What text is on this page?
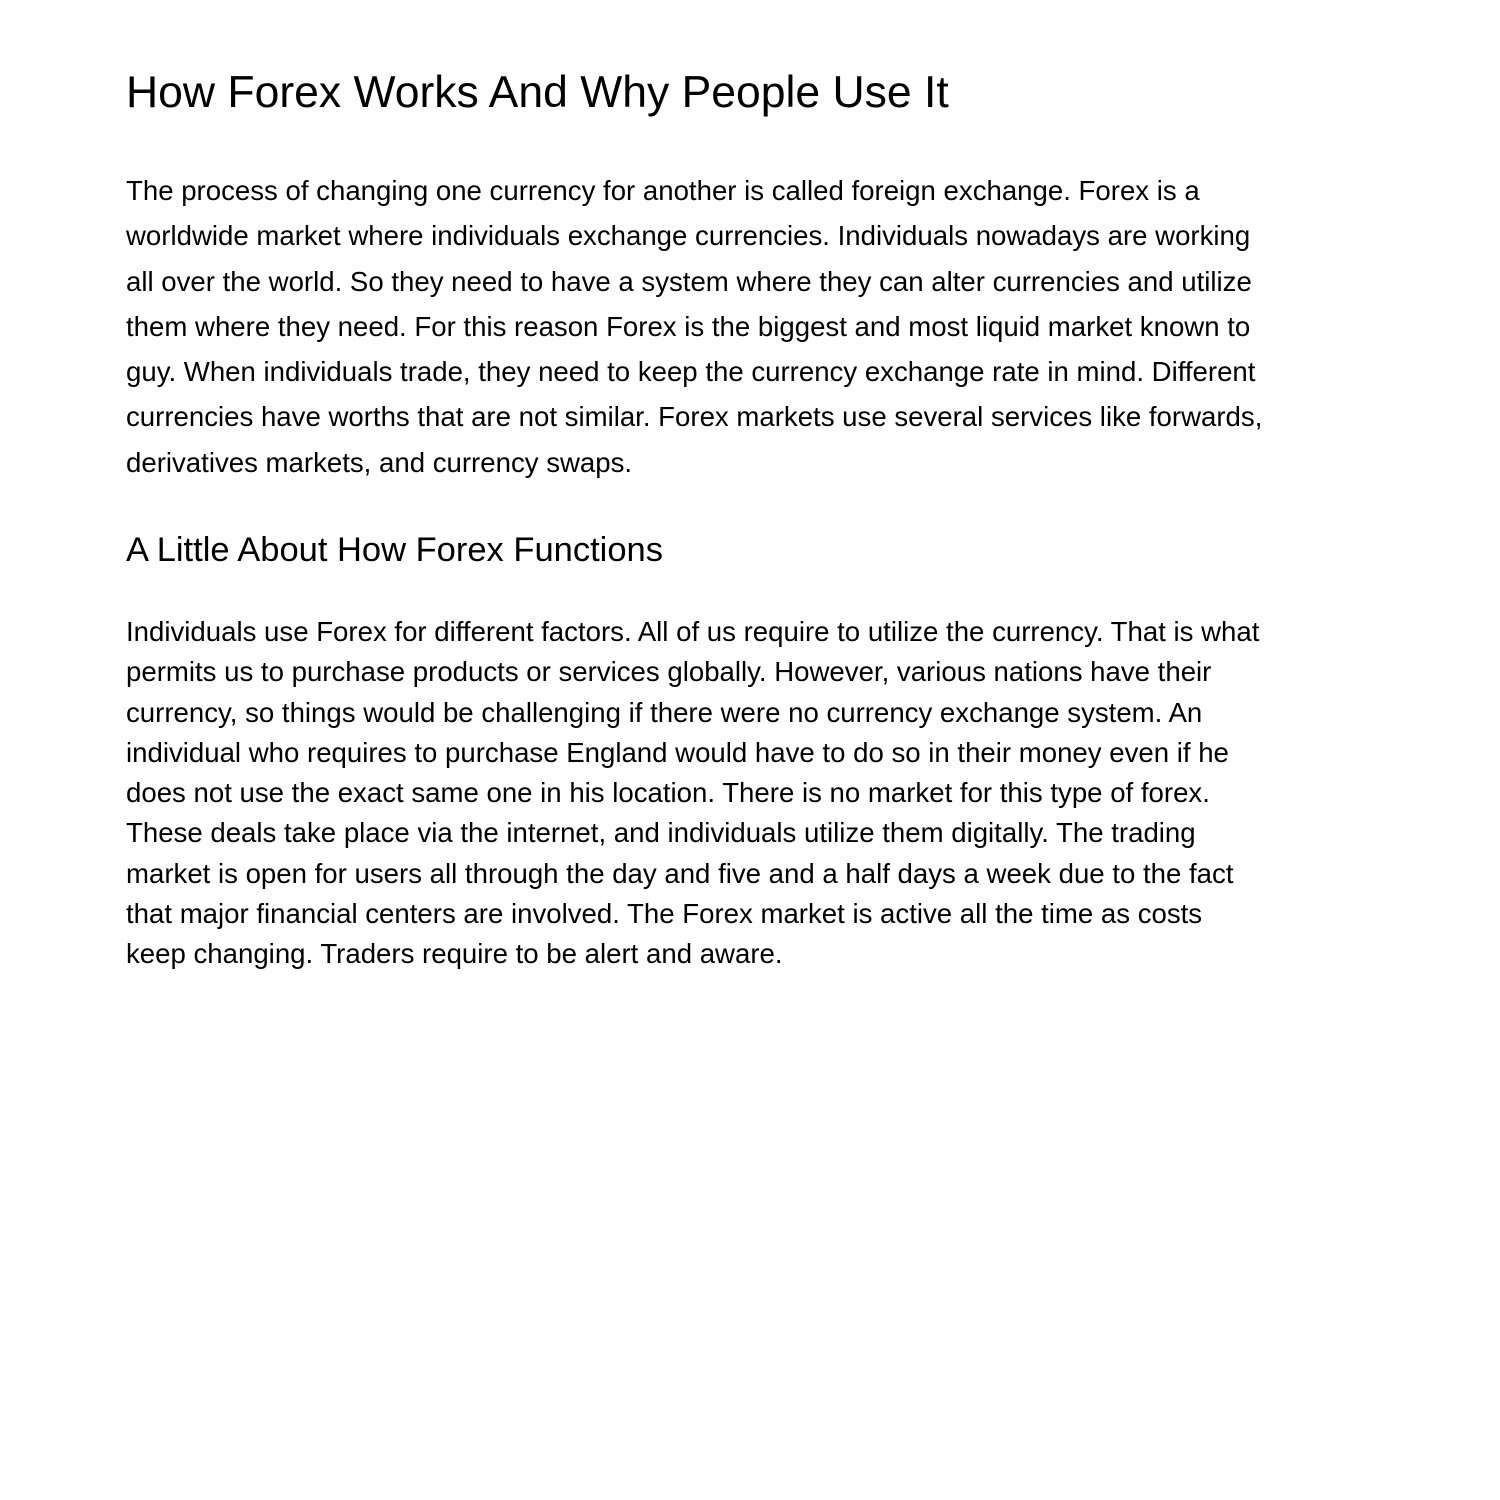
How Forex Works And Why People Use It

The process of changing one currency for another is called foreign exchange. Forex is a
worldwide market where individuals exchange currencies. Individuals nowadays are working
all over the world. So they need to have a system where they can alter currencies and utilize
them where they need. For this reason Forex is the biggest and most liquid market known to
guy. When individuals trade, they need to keep the currency exchange rate in mind. Different
currencies have worths that are not similar. Forex markets use several services like forwards,
derivatives markets, and currency swaps.

A Little About How Forex Functions

Individuals use Forex for different factors. All of us require to utilize the currency. That is what
permits us to purchase products or services globally. However, various nations have their
currency, so things would be challenging if there were no currency exchange system. An
individual who requires to purchase England would have to do so in their money even if he
does not use the exact same one in his location. There is no market for this type of forex.
These deals take place via the internet, and individuals utilize them digitally. The trading
market is open for users all through the day and five and a half days a week due to the fact
that major financial centers are involved. The Forex market is active all the time as costs
keep changing. Traders require to be alert and aware.
